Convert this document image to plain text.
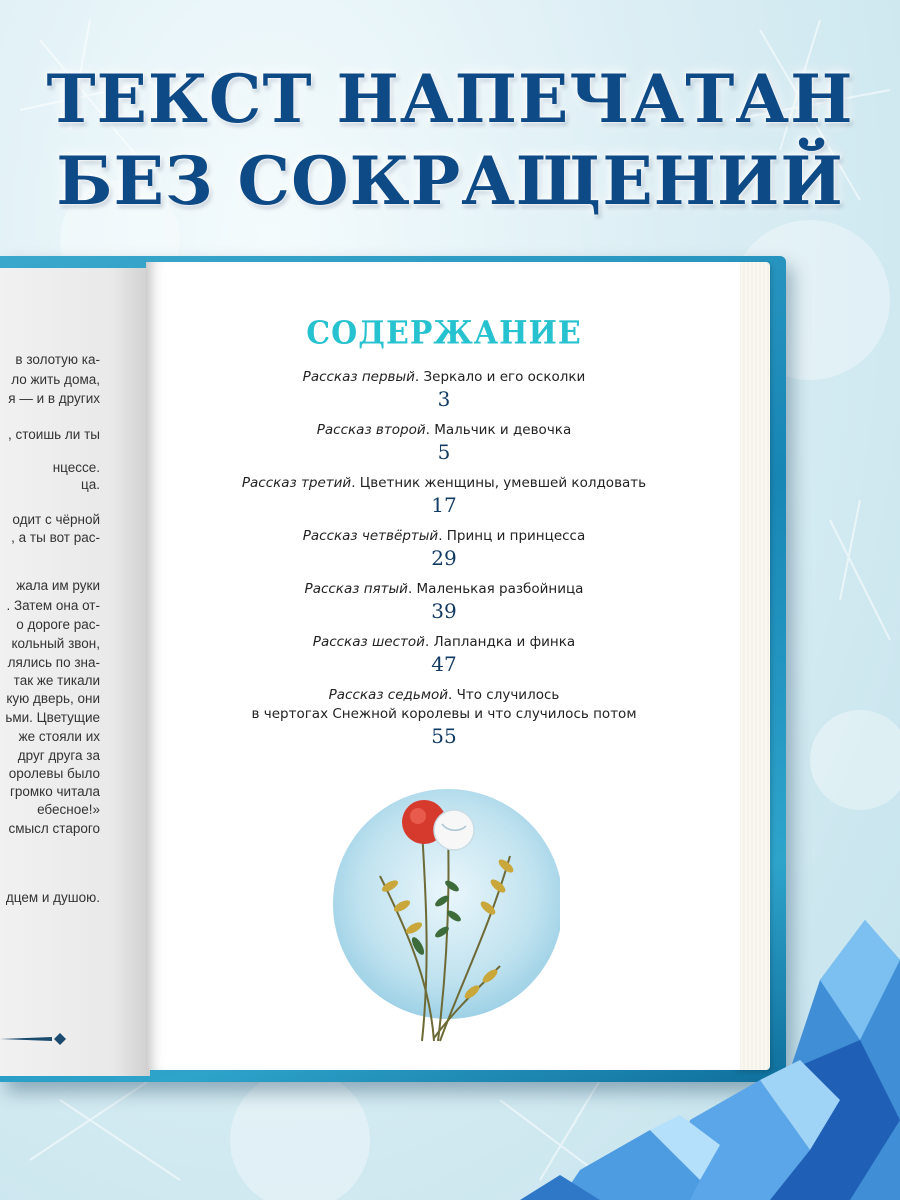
ТЕКСТ НАПЕЧАТАН
БЕЗ СОКРАЩЕНИЙ
в золотую ка-
ло жить дома,
я — и в других
, стоишь ли ты
нцессе.
ца.
одит с чёрной
, а ты вот рас-
жала им руки
. Затем она от-
о дороге рас-
кольный звон,
лялись по зна-
так же тикали
кую дверь, они
ьми. Цветущие
же стояли их
друг друга за
оролевы было
громко читала
ебесное!»
смысл старого
дцем и душою.
СОДЕРЖАНИЕ
Рассказ первый. Зеркало и его осколки
3
Рассказ второй. Мальчик и девочка
5
Рассказ третий. Цветник женщины, умевшей колдовать
17
Рассказ четвёртый. Принц и принцесса
29
Рассказ пятый. Маленькая разбойница
39
Рассказ шестой. Лапландка и финка
47
Рассказ седьмой. Что случилось
в чертогах Снежной королевы и что случилось потом
55
